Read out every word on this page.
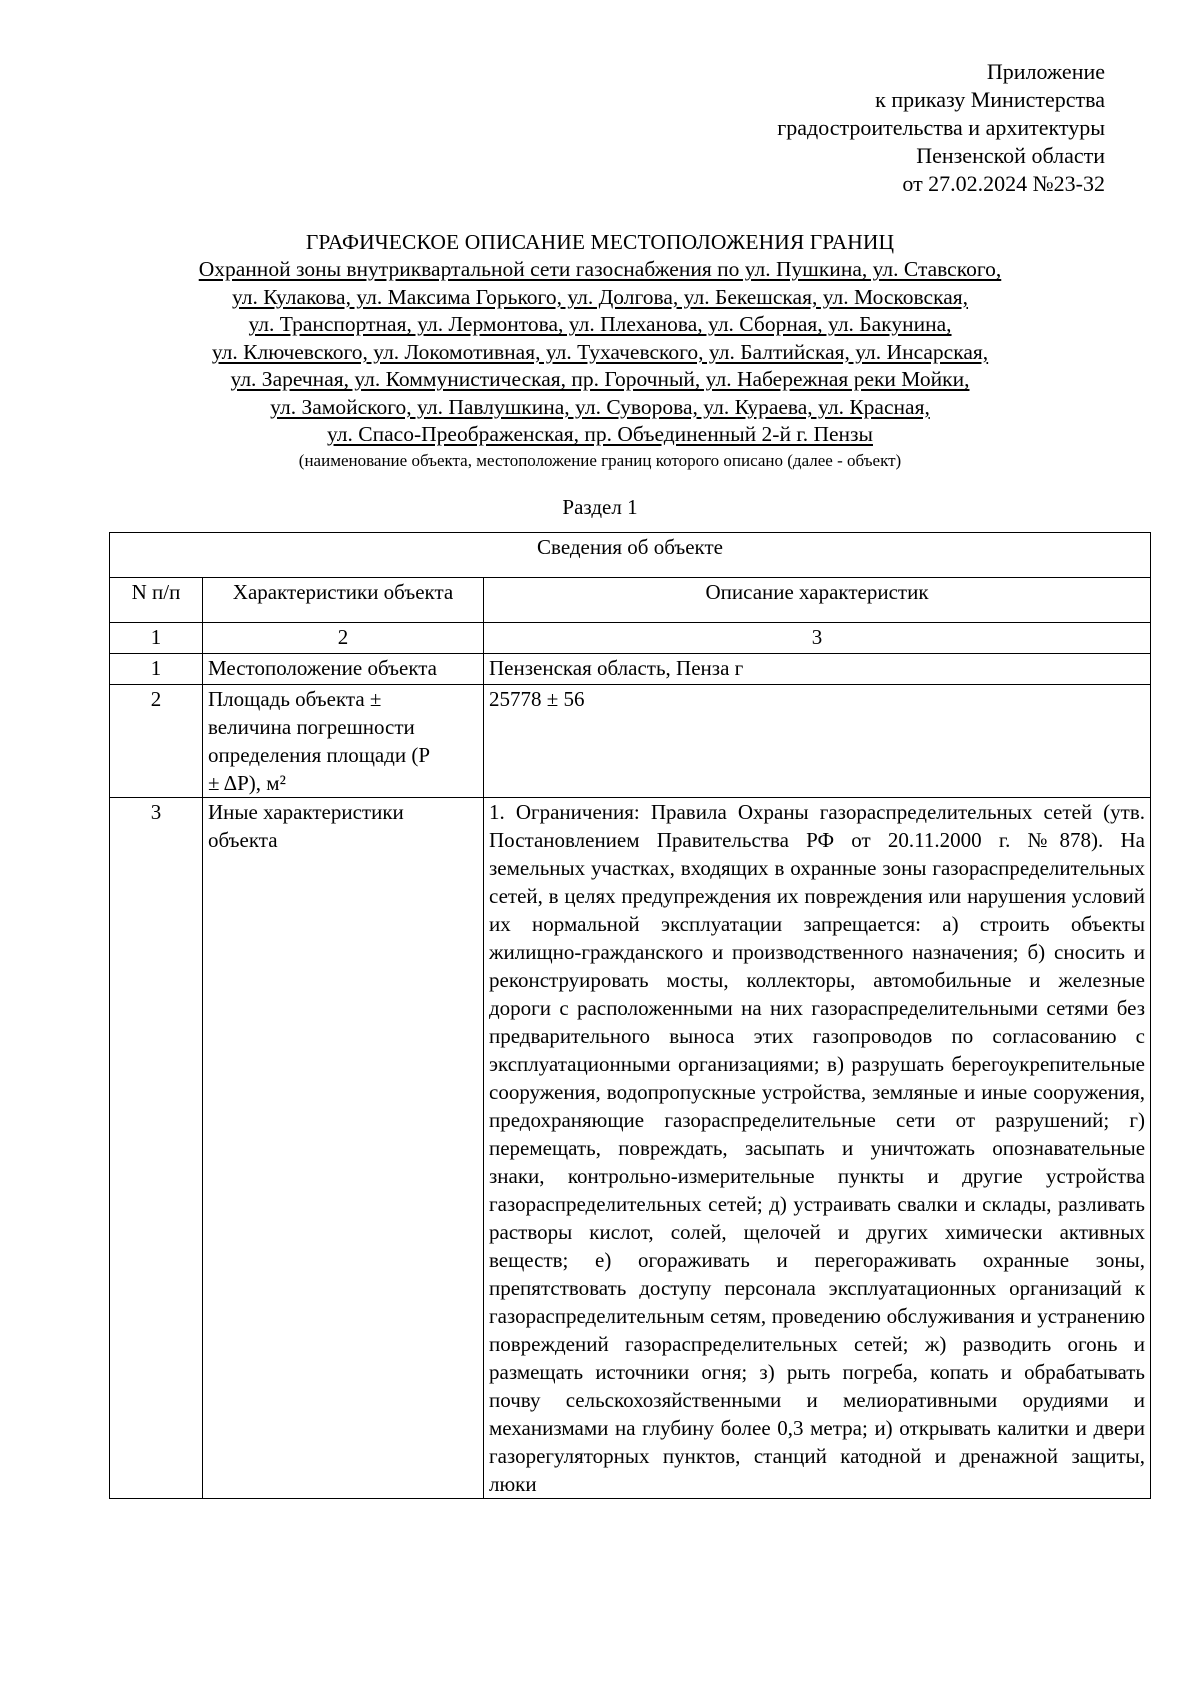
Приложение
к приказу Министерства
градостроительства и архитектуры
Пензенской области
от 27.02.2024 №23-32
ГРАФИЧЕСКОЕ ОПИСАНИЕ МЕСТОПОЛОЖЕНИЯ ГРАНИЦ
Охранной зоны внутриквартальной сети газоснабжения по ул. Пушкина, ул. Ставского,
ул. Кулакова, ул. Максима Горького, ул. Долгова, ул. Бекешская, ул. Московская,
ул. Транспортная, ул. Лермонтова, ул. Плеханова, ул. Сборная, ул. Бакунина,
ул. Ключевского, ул. Локомотивная, ул. Тухачевского, ул. Балтийская, ул. Инсарская,
ул. Заречная, ул. Коммунистическая, пр. Горочный, ул. Набережная реки Мойки,
ул. Замойского, ул. Павлушкина, ул. Суворова, ул. Кураева, ул. Красная,
ул. Спасо-Преображенская, пр. Объединенный 2-й г. Пензы
(наименование объекта, местоположение границ которого описано (далее - объект)
Раздел 1
Сведения об объекте		
N п/п	Характеристики объекта	Описание характеристик
1	2	3
1	Местоположение объекта	Пензенская область, Пенза г
2	Площадь объекта ±
величина погрешности
определения площади (P
± ΔP), м²	25778 ± 56
3	Иные характеристики
объекта	1. Ограничения: Правила Охраны газораспределительных сетей (утв. Постановлением Правительства РФ от 20.11.2000 г. №878). На земельных участках, входящих в охранные зоны газораспределительных сетей, в целях предупреждения их повреждения или нарушения условий их нормальной эксплуатации запрещается: а) строить объекты жилищно-гражданского и производственного назначения; б) сносить и реконструировать мосты, коллекторы, автомобильные и железные дороги с расположенными на них газораспределительными сетями без предварительного выноса этих газопроводов по согласованию с эксплуатационными организациями; в) разрушать берегоукрепительные сооружения, водопропускные устройства, земляные и иные сооружения, предохраняющие газораспределительные сети от разрушений; г) перемещать, повреждать, засыпать и уничтожать опознавательные знаки, контрольно-измерительные пункты и другие устройства газораспределительных сетей; д) устраивать свалки и склады, разливать растворы кислот, солей, щелочей и других химически активных веществ; е) огораживать и перегораживать охранные зоны, препятствовать доступу персонала эксплуатационных организаций к газораспределительным сетям, проведению обслуживания и устранению повреждений газораспределительных сетей; ж) разводить огонь и размещать источники огня; з) рыть погреба, копать и обрабатывать почву сельскохозяйственными и мелиоративными орудиями и механизмами на глубину более 0,3 метра; и) открывать калитки и двери газорегуляторных пунктов, станций катодной и дренажной защиты, люки
